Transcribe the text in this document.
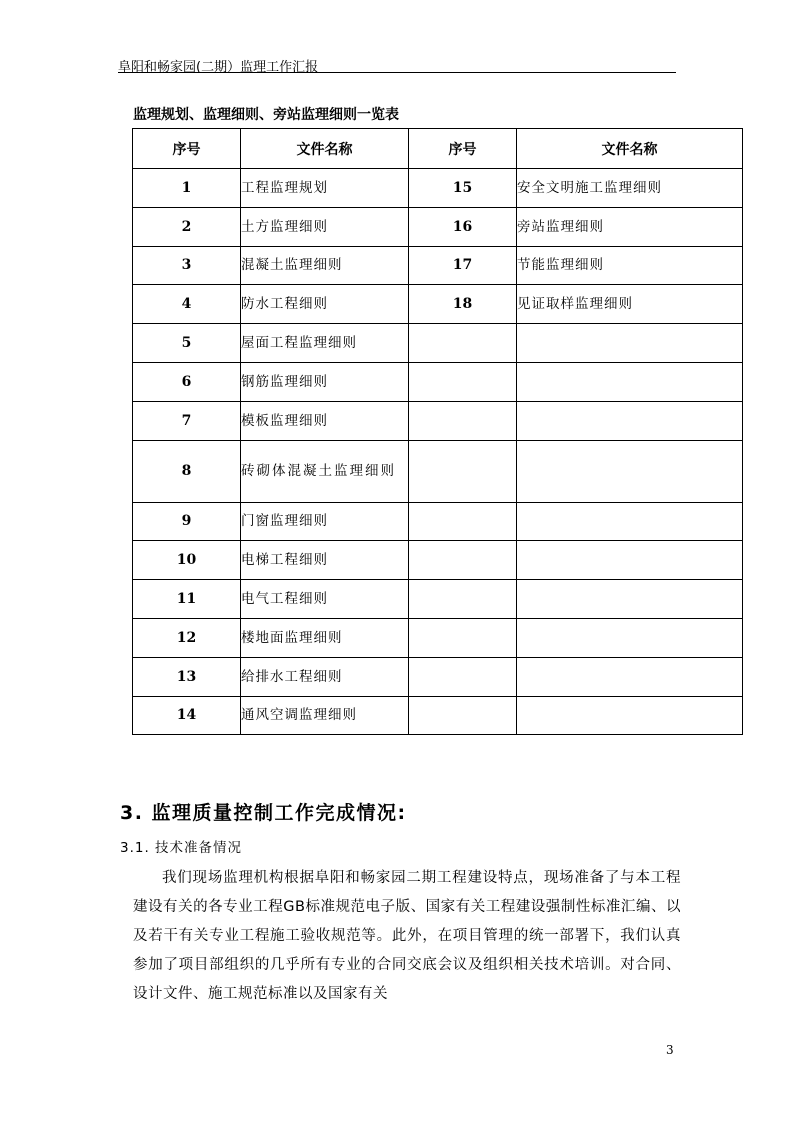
阜阳和畅家园(二期）监理工作汇报
监理规划、监理细则、旁站监理细则一览表
序号	文件名称	序号	文件名称
1	工程监理规划	15	安全文明施工监理细则
2	土方监理细则	16	旁站监理细则
3	混凝土监理细则	17	节能监理细则
4	防水工程细则	18	见证取样监理细则
5	屋面工程监理细则		
6	钢筋监理细则		
7	模板监理细则		
8	砖砌体混凝土监理细则		
9	门窗监理细则		
10	电梯工程细则		
11	电气工程细则		
12	楼地面监理细则		
13	给排水工程细则		
14	通风空调监理细则		
3. 监理质量控制工作完成情况:
3.1. 技术准备情况
我们现场监理机构根据阜阳和畅家园二期工程建设特点，现场准备了与本工程建设有关的各专业工程GB标准规范电子版、国家有关工程建设强制性标准汇编、以及若干有关专业工程施工验收规范等。此外，在项目管理的统一部署下，我们认真参加了项目部组织的几乎所有专业的合同交底会议及组织相关技术培训。对合同、设计文件、施工规范标准以及国家有关
3
